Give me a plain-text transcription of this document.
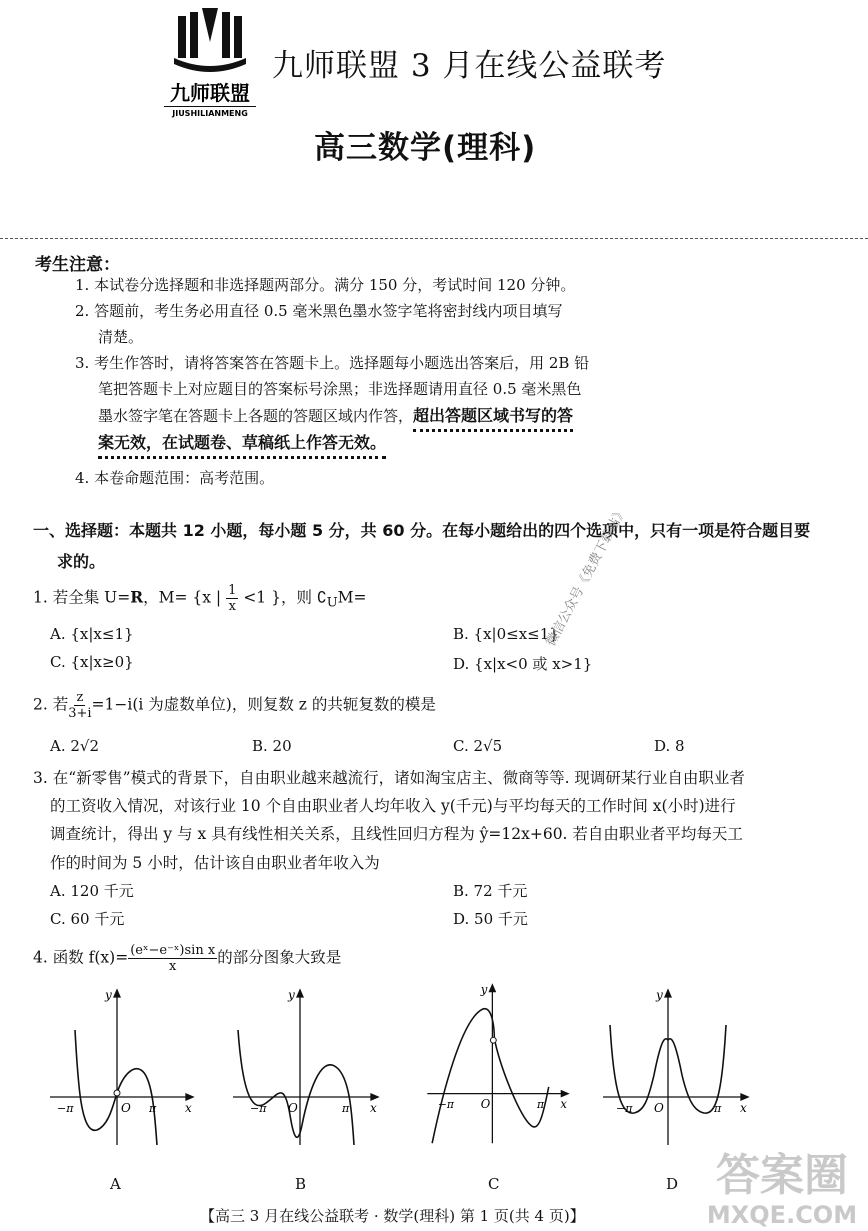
九师联盟
JIUSHILIANMENG
九师联盟 3 月在线公益联考
高三数学(理科)
考生注意：
1. 本试卷分选择题和非选择题两部分。满分 150 分，考试时间 120 分钟。
2. 答题前，考生务必用直径 0.5 毫米黑色墨水签字笔将密封线内项目填写
清楚。
3. 考生作答时，请将答案答在答题卡上。选择题每小题选出答案后，用 2B 铅
笔把答题卡上对应题目的答案标号涂黑；非选择题请用直径 0.5 毫米黑色
墨水签字笔在答题卡上各题的答题区域内作答，超出答题区域书写的答
案无效，在试题卷、草稿纸上作答无效。
4. 本卷命题范围：高考范围。
一、选择题：本题共 12 小题，每小题 5 分，共 60 分。在每小题给出的四个选项中，只有一项是符合题目要
求的。
1. 若全集 U=R，M= {x | $\frac{1}{x} <1$ }，则 $∁_UM=$
A. {x|x≤1}	B. {x|0≤x≤1}
C. {x|x≥0}	D. {x|x<0 或 x>1}
2. 若 $\frac{z}{3+i} =1-i(i$ 为虚数单位)，则复数 z 的共轭复数的模是
A. 2√2	B. 20	C. 2√5	D. 8
3. 在“新零售”模式的背景下，自由职业越来越流行，诸如淘宝店主、微商等等. 现调研某行业自由职业者
的工资收入情况，对该行业 10 个自由职业者人均年收入 y(千元)与平均每天的工作时间 x(小时)进行
调查统计，得出 y 与 x 具有线性相关关系，且线性回归方程为 ŷ=12x+60. 若自由职业者平均每天工
作的时间为 5 小时，估计该自由职业者年收入为
A. 120 千元	B. 72 千元
C. 60 千元	D. 50 千元
4. 函数 $f(x)= \frac{\text{(eˣ−e⁻ˣ)sin x}}{x}$ 的部分图象大致是
−π	O π x
y
A
−π O	π x
y
B
−π O	π x
y
C
−π O	π x
y
D
微信公众号《免费下载站》
答案圈
MXQE.COM
【高三 3 月在线公益联考 · 数学(理科) 第 1 页(共 4 页)】
